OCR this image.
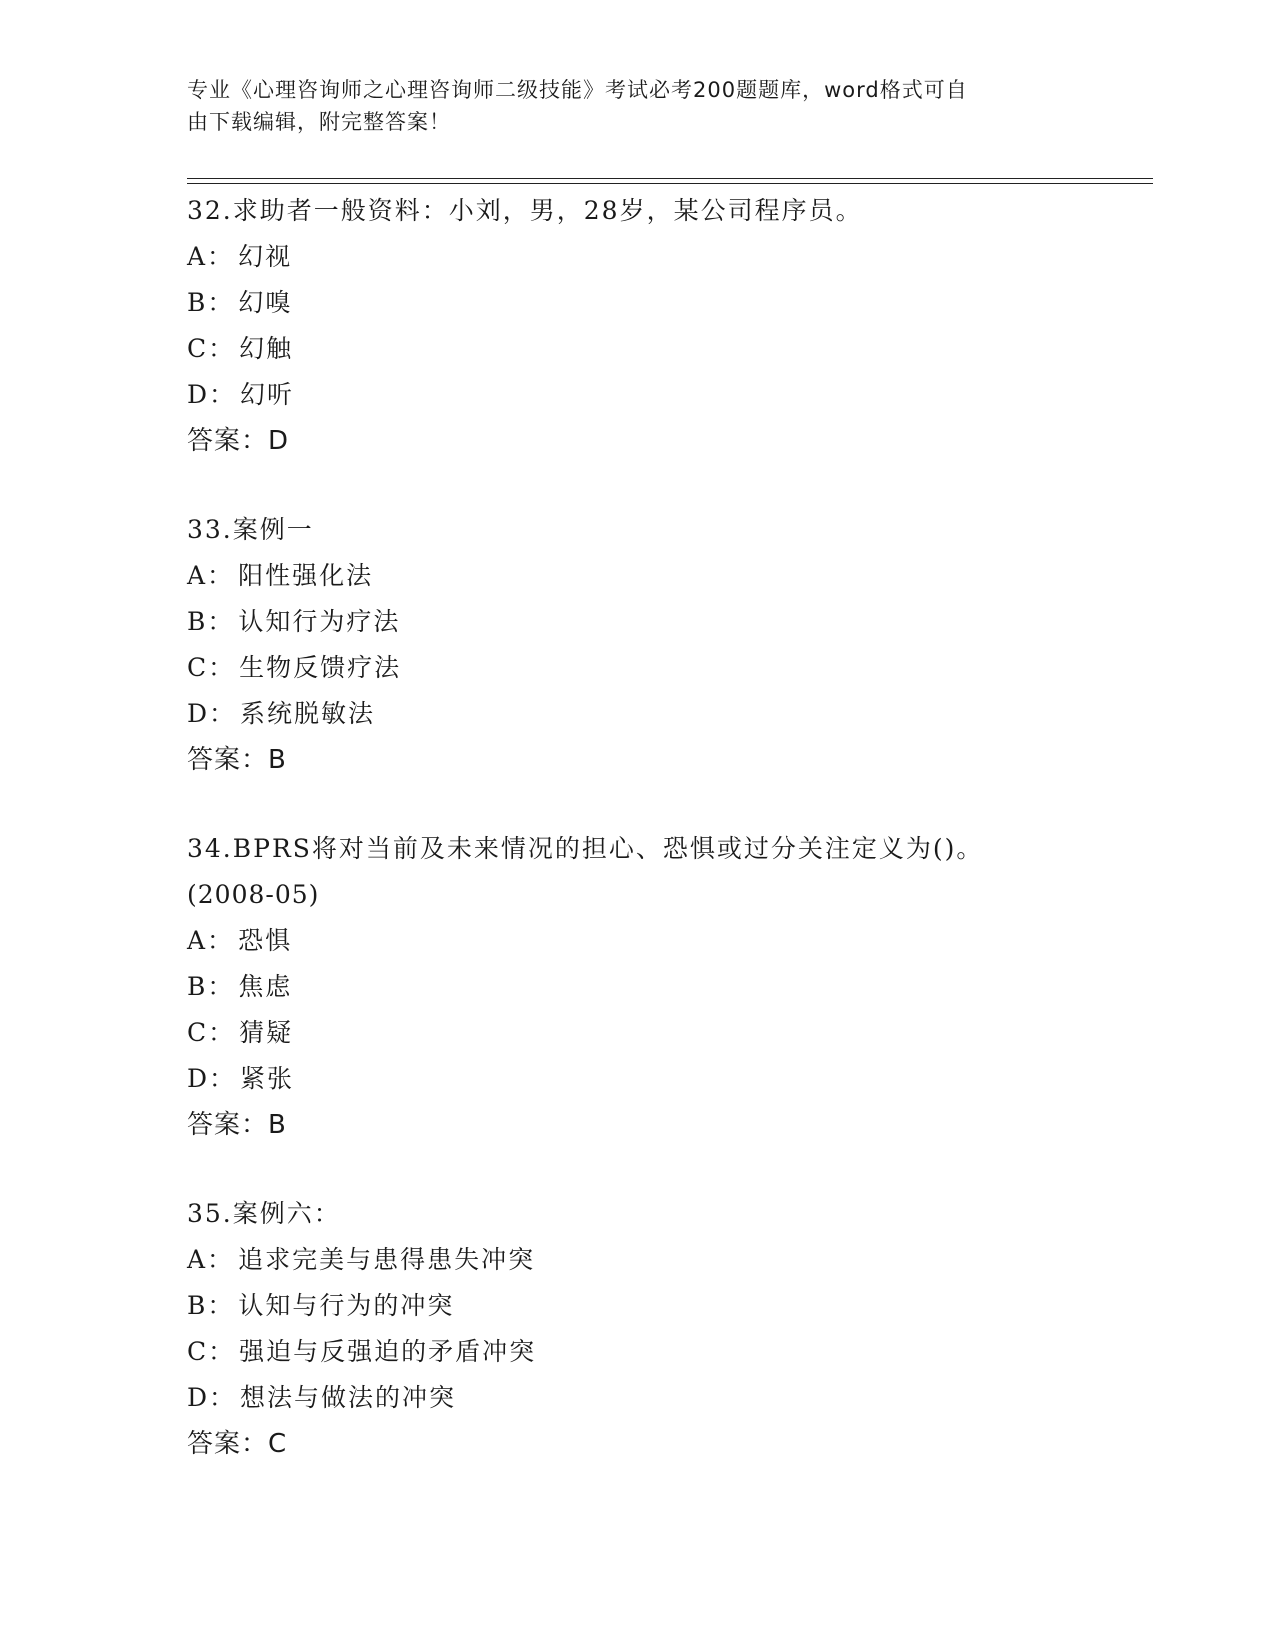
专业《心理咨询师之心理咨询师二级技能》考试必考200题题库，word格式可自
由下载编辑，附完整答案！
32.求助者一般资料：小刘，男，28岁，某公司程序员。
A： 幻视
B： 幻嗅
C： 幻触
D： 幻听
答案：D
33.案例一
A： 阳性强化法
B： 认知行为疗法
C： 生物反馈疗法
D： 系统脱敏法
答案：B
34.BPRS将对当前及未来情况的担心、恐惧或过分关注定义为()。
(2008-05)
A： 恐惧
B： 焦虑
C： 猜疑
D： 紧张
答案：B
35.案例六：
A： 追求完美与患得患失冲突
B： 认知与行为的冲突
C： 强迫与反强迫的矛盾冲突
D： 想法与做法的冲突
答案：C
